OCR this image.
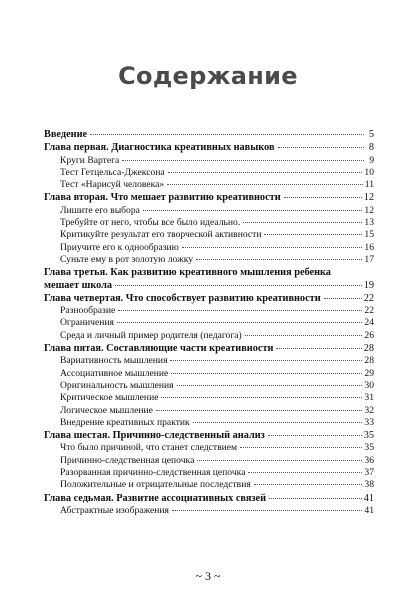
Содержание
Введение	5
Глава первая. Диагностика креативных навыков	8
Круги Вартега	9
Тест Гетцельса-Джексона	10
Тест «Нарисуй человека»	11
Глава вторая. Что мешает развитию креативности	12
Лишите его выбора	12
Требуйте от него, чтобы все было идеально.	13
Критикуйте результат его творческой активности	15
Приучите его к однообразию	16
Суньте ему в рот золотую ложку	17
Глава третья. Как развитию креативного мышления ребенка
мешает школа	19
Глава четвертая. Что способствует развитию креативности	22
Разнообразие	22
Ограничения	24
Среда и личный пример родителя (педагога)	26
Глава пятая. Составляющие части креативности	28
Вариативность мышления	28
Ассоциативное мышление	29
Оригинальность мышления	30
Критическое мышление	31
Логическое мышление	32
Внедрение креативных практик	33
Глава шестая. Причинно-следственный анализ	35
Что было причиной, что станет следствием	35
Причинно-следственная цепочка	36
Разорванная причинно-следственная цепочка	37
Положительные и отрицательные последствия	38
Глава седьмая. Развитие ассоциативных связей	41
Абстрактные изображения	41
~ 3 ~
